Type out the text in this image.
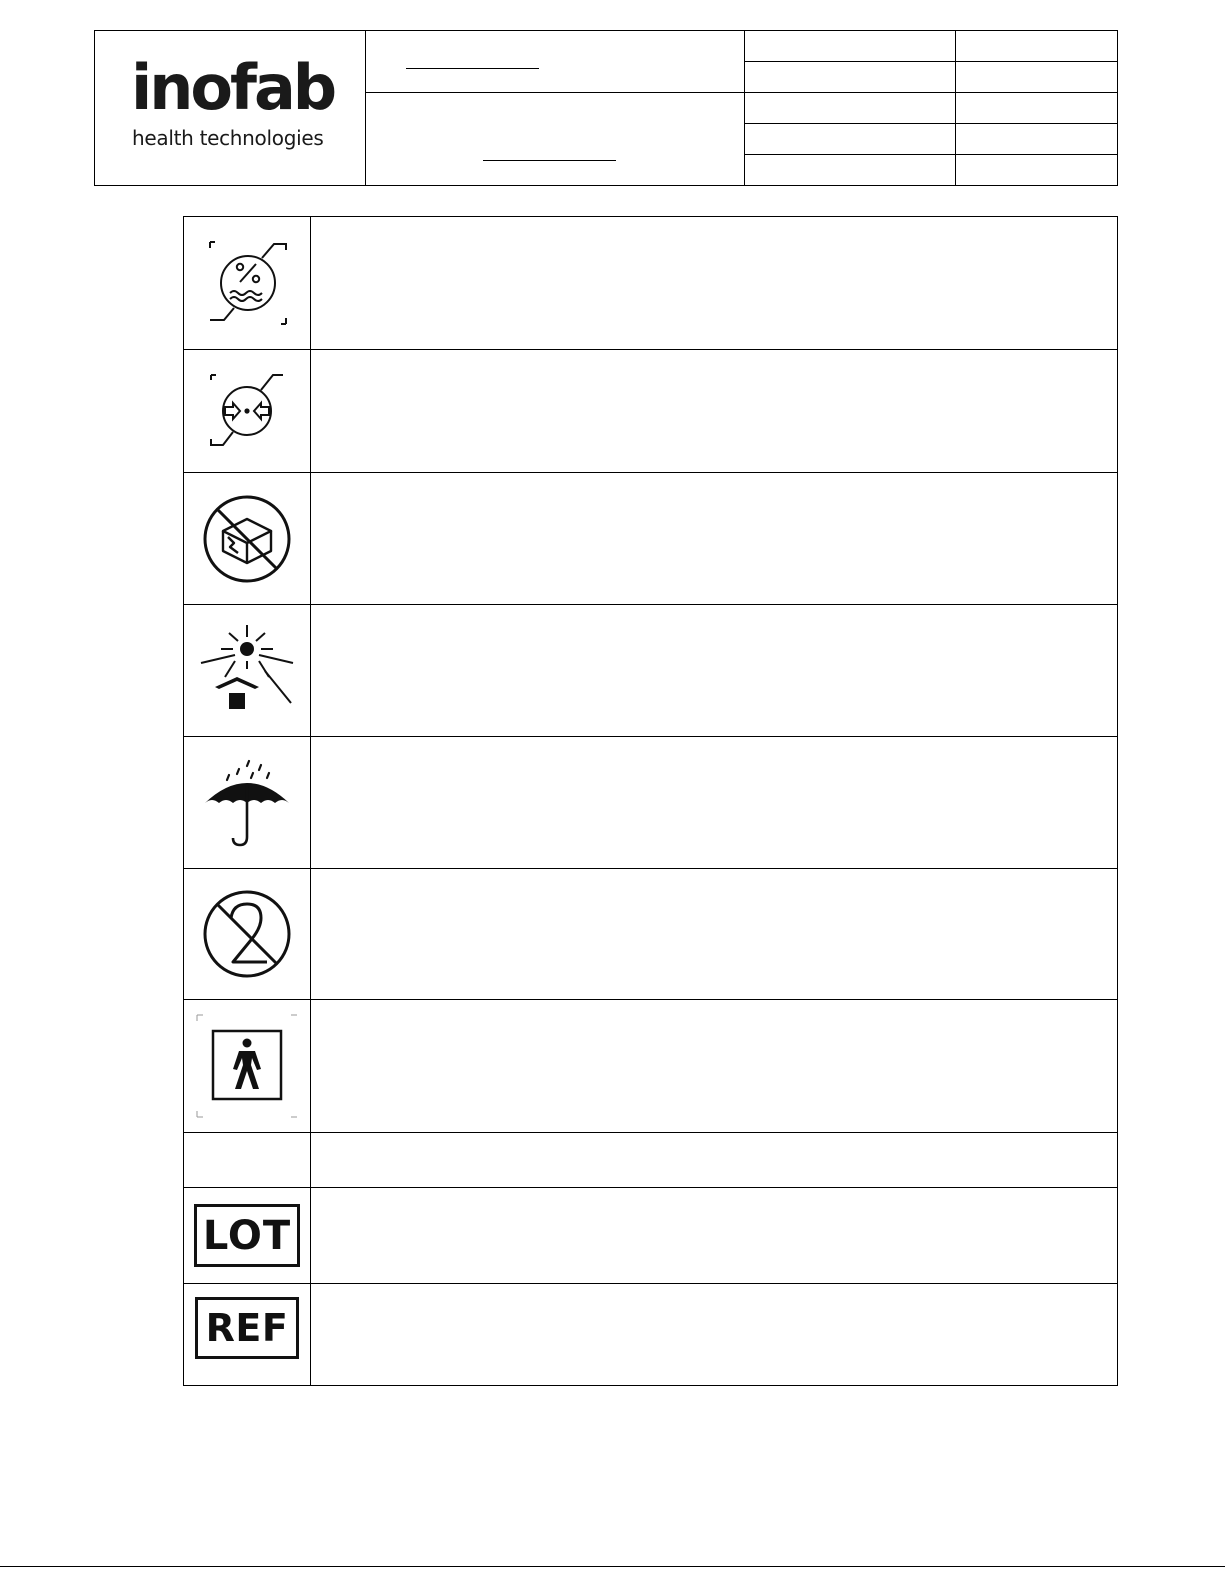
inofab
health technologies
LOT
REF
